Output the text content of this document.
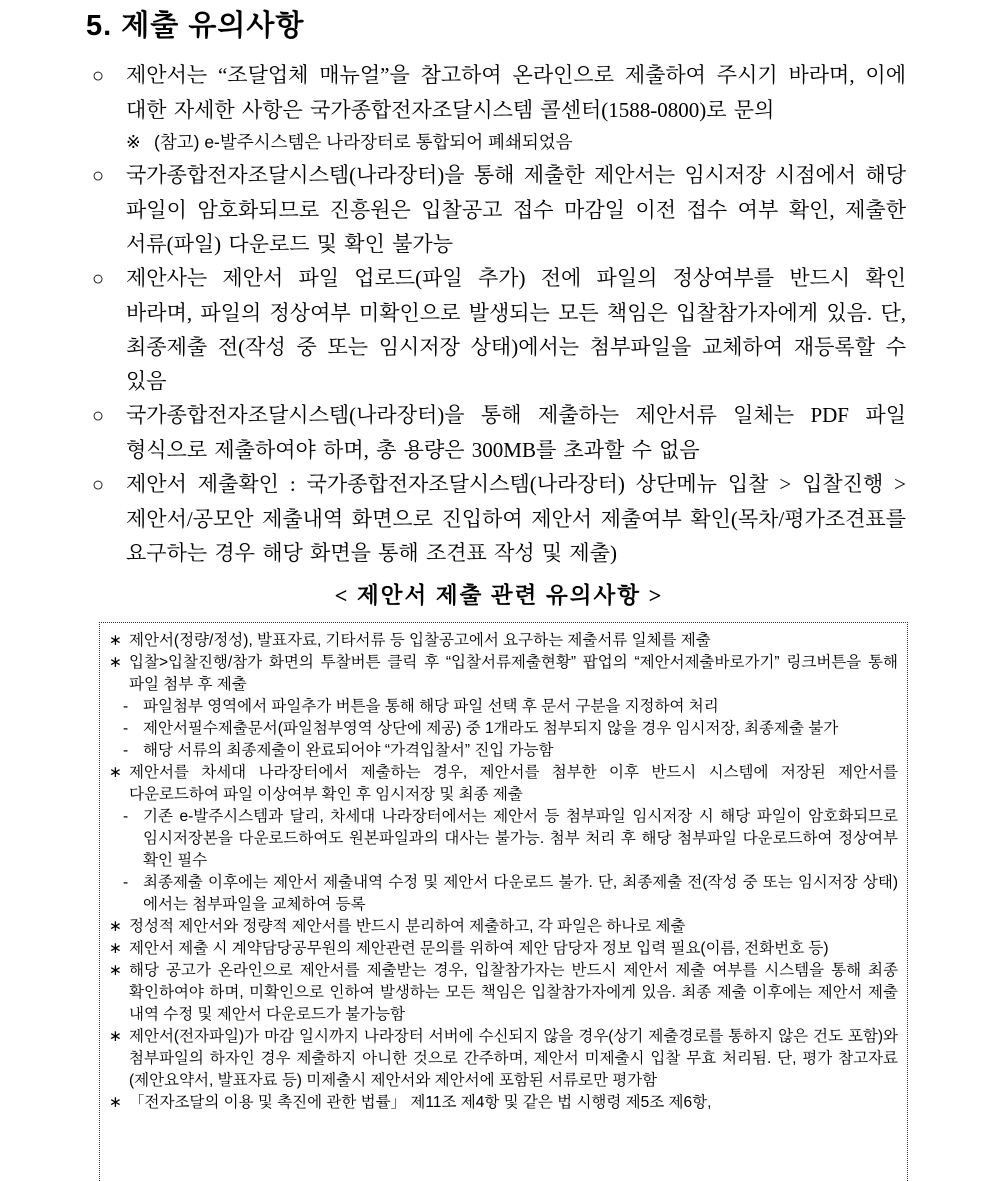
5. 제출 유의사항
○ 제안서는 “조달업체 매뉴얼”을 참고하여 온라인으로 제출하여 주시기 바라며, 이에 대한 자세한 사항은 국가종합전자조달시스템 콜센터(1588-0800)로 문의
※ (참고) e-발주시스템은 나라장터로 통합되어 폐쇄되었음
○ 국가종합전자조달시스템(나라장터)을 통해 제출한 제안서는 임시저장 시점에서 해당 파일이 암호화되므로 진흥원은 입찰공고 접수 마감일 이전 접수 여부 확인, 제출한 서류(파일) 다운로드 및 확인 불가능
○ 제안사는 제안서 파일 업로드(파일 추가) 전에 파일의 정상여부를 반드시 확인 바라며, 파일의 정상여부 미확인으로 발생되는 모든 책임은 입찰참가자에게 있음. 단, 최종제출 전(작성 중 또는 임시저장 상태)에서는 첨부파일을 교체하여 재등록할 수 있음
○ 국가종합전자조달시스템(나라장터)을 통해 제출하는 제안서류 일체는 PDF 파일 형식으로 제출하여야 하며, 총 용량은 300MB를 초과할 수 없음
○ 제안서 제출확인 : 국가종합전자조달시스템(나라장터) 상단메뉴 입찰 > 입찰진행 > 제안서/공모안 제출내역 화면으로 진입하여 제안서 제출여부 확인(목차/평가조견표를 요구하는 경우 해당 화면을 통해 조견표 작성 및 제출)
< 제안서 제출 관련 유의사항 >
∗ 제안서(정량/정성), 발표자료, 기타서류 등 입찰공고에서 요구하는 제출서류 일체를 제출
∗ 입찰>입찰진행/참가 화면의 투찰버튼 클릭 후 “입찰서류제출현황” 팝업의 “제안서제출바로가기” 링크버튼을 통해 파일 첨부 후 제출
- 파일첨부 영역에서 파일추가 버튼을 통해 해당 파일 선택 후 문서 구분을 지정하여 처리
- 제안서필수제출문서(파일첨부영역 상단에 제공) 중 1개라도 첨부되지 않을 경우 임시저장, 최종제출 불가
- 해당 서류의 최종제출이 완료되어야 “가격입찰서” 진입 가능함
∗ 제안서를 차세대 나라장터에서 제출하는 경우, 제안서를 첨부한 이후 반드시 시스템에 저장된 제안서를 다운로드하여 파일 이상여부 확인 후 임시저장 및 최종 제출
- 기존 e-발주시스템과 달리, 차세대 나라장터에서는 제안서 등 첨부파일 임시저장 시 해당 파일이 암호화되므로 임시저장본을 다운로드하여도 원본파일과의 대사는 불가능. 첨부 처리 후 해당 첨부파일 다운로드하여 정상여부 확인 필수
- 최종제출 이후에는 제안서 제출내역 수정 및 제안서 다운로드 불가. 단, 최종제출 전(작성 중 또는 임시저장 상태)에서는 첨부파일을 교체하여 등록
∗ 정성적 제안서와 정량적 제안서를 반드시 분리하여 제출하고, 각 파일은 하나로 제출
∗ 제안서 제출 시 계약담당공무원의 제안관련 문의를 위하여 제안 담당자 정보 입력 필요(이름, 전화번호 등)
∗ 해당 공고가 온라인으로 제안서를 제출받는 경우, 입찰참가자는 반드시 제안서 제출 여부를 시스템을 통해 최종 확인하여야 하며, 미확인으로 인하여 발생하는 모든 책임은 입찰참가자에게 있음. 최종 제출 이후에는 제안서 제출 내역 수정 및 제안서 다운로드가 불가능함
∗ 제안서(전자파일)가 마감 일시까지 나라장터 서버에 수신되지 않을 경우(상기 제출경로를 통하지 않은 건도 포함)와 첨부파일의 하자인 경우 제출하지 아니한 것으로 간주하며, 제안서 미제출시 입찰 무효 처리됨. 단, 평가 참고자료(제안요약서, 발표자료 등) 미제출시 제안서와 제안서에 포함된 서류로만 평가함
∗ 「전자조달의 이용 및 촉진에 관한 법률」 제11조 제4항 및 같은 법 시행령 제5조 제6항,
